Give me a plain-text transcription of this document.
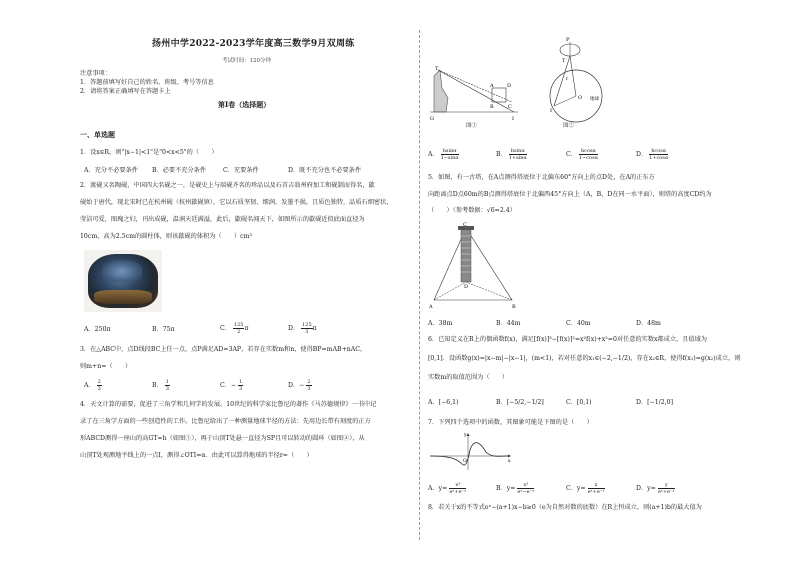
扬州中学2022-2023学年度高三数学9月双周练
考试时间：120分钟
注意事项：
1．答题前填写好自己的姓名、班级、考号等信息
2．请将答案正确填写在答题卡上
第I卷（选择题）
一、单选题
1．设x∈R，则"|x−1|<1"是"0<x<5"的（　　）
A．充分不必要条件 B．必要不充分条件	C．充要条件	D．既不充分也不必要条件
2．渡砚又名陶砚，中国四大名砚之一，是砚史上与端砚齐名的珍品以及石首吉翁州府加工和砚制而得名，歙
砚始于唐代，现北宋时已在杭州砚（杭州歙砚镇），它以石质坚韧、细润、发墨不损，且质色独特，品质石细密状，
莹洁可爱，图瑰之妇，刊出成砚，温润天廷满溢，此后，歙砚名闻天下，如图所示的歙砚近似底面直径为
10cm，高为2.5cm的圆柱体，则该歙砚的体积为（　　）cm³
A．250π	B．75π	C． $\frac{125}{2}$ π	D． $\frac{125}{3}$ π
3．在△ABC中，点D线段BC上任一点，点P满足AD=3AP，若存在实数m和n，使得BP=mAB+nAC，
则m+n=（　　）
A． $\frac{2}{3}$	B． $\frac{1}{3}$	C．− $\frac{1}{3}$	D．− $\frac{2}{3}$
4．天文计算的需要，促进了三角学和几何学的发展。10世纪的科学家比鲁尼的著作《马苏德规律》一书中记
录了在三角学方面的一些创造性的工作。比鲁尼给出了一种测量地球半径的方法：先用边长带有刻度的正方
形ABCD测得一座山的高GT=h（如图①），再于山顶T处悬一直径为SP且可以转动的圆环（如图②），从
山顶T处观测地平线上的一点I，测得∠OTI=α．由此可以算得地球的半径r=（　　）
T
G
A	D
B	C
I
图①
P
T
O
I
r
地球
图②
A． $\frac{hsin\alpha}{1-\sin\alpha}$	B． $\frac{hsin\alpha}{1+\sin\alpha}$	C． $\frac{hcos\alpha}{1-\cos\alpha}$	D． $\frac{hcos\alpha}{1+\cos\alpha}$
5．如图，有一古塔，在A点测得塔底位于北偏东60°方向上的点D处，在A的正东方
向距离点D点60m的B点测得塔底位于北偏西45°方向上（A，B，D在同一水平面），则塔的高度CD约为
（　　）（参考数据：√6≈2.4）
C
D
A	B
A．38m	B．44m	C．40m	D．48m
6．已知定义在R上的偶函数f(x)，满足[f(x)]³−[f(x)]²=x²f(x)+x²=0对任意的实数x都成立，且值域为
[0,1]．设函数g(x)=|x−m|−|x−1|，(m<1)，若对任意的x₁∈(−2,−1/2)，存在x₂∈R，使得f(x₁)=g(x₂)成立，则
实数m的取值范围为（　　）
A．[−6,1)	B．[−5/2,−1/2]	C．[0,1)	D．[−1/2,0]
7．下列四个选项中的函数，其图象可能是下图的是（　　）
y
x
O
A．$y= \frac{\text{x³}}{\text{eˣ+e⁻ˣ}}$	B．$y= \frac{\text{x³}}{\text{eˣ−e⁻ˣ}}$	C．$y= \frac{x}{\text{eˣ+e⁻ˣ}}$	D．$y= \frac{y}{\text{eˣ+e⁻ˣ}}$
8．若关于x的不等式eˣ−(a+1)x−b≥0（e为自然对数的底数）在R上恒成立，则(a+1)b的最大值为
